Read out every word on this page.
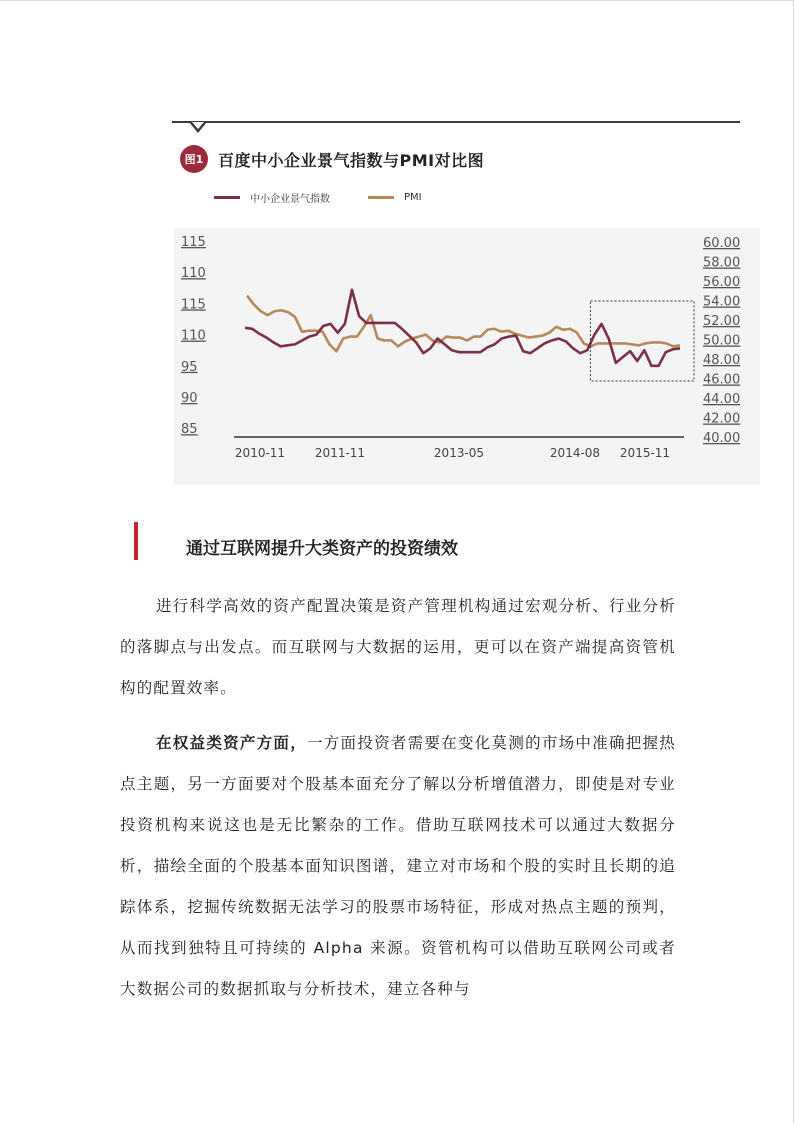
图1 百度中小企业景气指数与PMI对比图
中小企业景气指数	PMI
115
110
115
110
95
90
85
60.00
58.00
56.00
54.00
52.00
50.00
48.00
46.00
44.00
42.00
40.00
2010-11 2011-11	2013-05	2014-08 2015-11
通过互联网提升大类资产的投资绩效
进行科学高效的资产配置决策是资产管理机构通过宏观分析、行业分析的落脚点与出发点。而互联网与大数据的运用，更可以在资产端提高资管机构的配置效率。
在权益类资产方面，一方面投资者需要在变化莫测的市场中准确把握热点主题，另一方面要对个股基本面充分了解以分析增值潜力，即使是对专业投资机构来说这也是无比繁杂的工作。借助互联网技术可以通过大数据分析，描绘全面的个股基本面知识图谱，建立对市场和个股的实时且长期的追踪体系，挖掘传统数据无法学习的股票市场特征，形成对热点主题的预判，从而找到独特且可持续的 Alpha 来源。资管机构可以借助互联网公司或者大数据公司的数据抓取与分析技术，建立各种与
